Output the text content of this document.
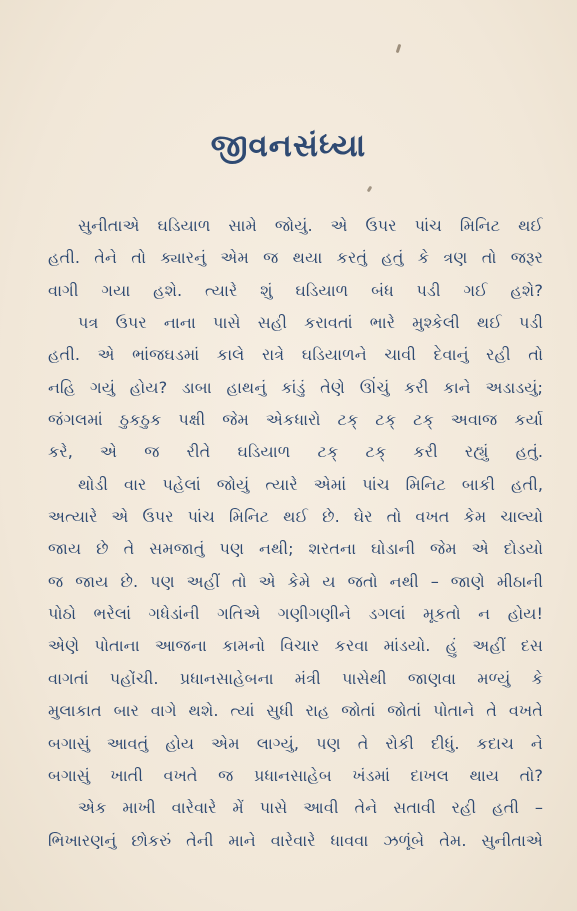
જીવનસંધ્યા
સુનીતાએ ઘડિયાળ સામે જોયું. એ ઉપર પાંચ મિનિટ થઈ
હતી. તેને તો ક્યારનું એમ જ થયા કરતું હતું કે ત્રણ તો જરૂર
વાગી ગયા હશે. ત્યારે શું ઘડિયાળ બંધ પડી ગઈ હશે?
પત્ર ઉપર નાના પાસે સહી કરાવતાં ભારે મુશ્કેલી થઈ પડી
હતી. એ ભાંજઘડમાં કાલે રાત્રે ઘડિયાળને ચાવી દેવાનું રહી તો
નહિ ગયું હોય? ડાબા હાથનું કાંડું તેણે ઊંચું કરી કાને અડાડયું;
જંગલમાં ઠુકઠુક પક્ષી જેમ એકધારો ટક્ ટક્ ટક્ અવાજ કર્યા
કરે, એ જ રીતે ઘડિયાળ ટક્ ટક્ કરી રહ્યું હતું.
થોડી વાર પહેલાં જોયું ત્યારે એમાં પાંચ મિનિટ બાકી હતી,
અત્યારે એ ઉપર પાંચ મિનિટ થઈ છે. ઘેર તો વખત કેમ ચાલ્યો
જાય છે તે સમજાતું પણ નથી; શરતના ઘોડાની જેમ એ દોડયો
જ જાય છે. પણ અહીં તો એ કેમે ય જતો નથી – જાણે મીઠાની
પોઠો ભરેલાં ગધેડાંની ગતિએ ગણીગણીને ડગલાં મૂકતો ન હોય!
એણે પોતાના આજના કામનો વિચાર કરવા માંડયો. હું અહીં દસ
વાગતાં પહોંચી. પ્રધાનસાહેબના મંત્રી પાસેથી જાણવા મળ્યું કે
મુલાકાત બાર વાગે થશે. ત્યાં સુધી રાહ જોતાં જોતાં પોતાને તે વખતે
બગાસું આવતું હોય એમ લાગ્યું, પણ તે રોકી દીધું. કદાચ ને
બગાસું ખાતી વખતે જ પ્રધાનસાહેબ ખંડમાં દાખલ થાય તો?
એક માખી વારેવારે મેં પાસે આવી તેને સતાવી રહી હતી –
ભિખારણનું છોકરું તેની માને વારેવારે ધાવવા ઝળૂંબે તેમ. સુનીતાએ
